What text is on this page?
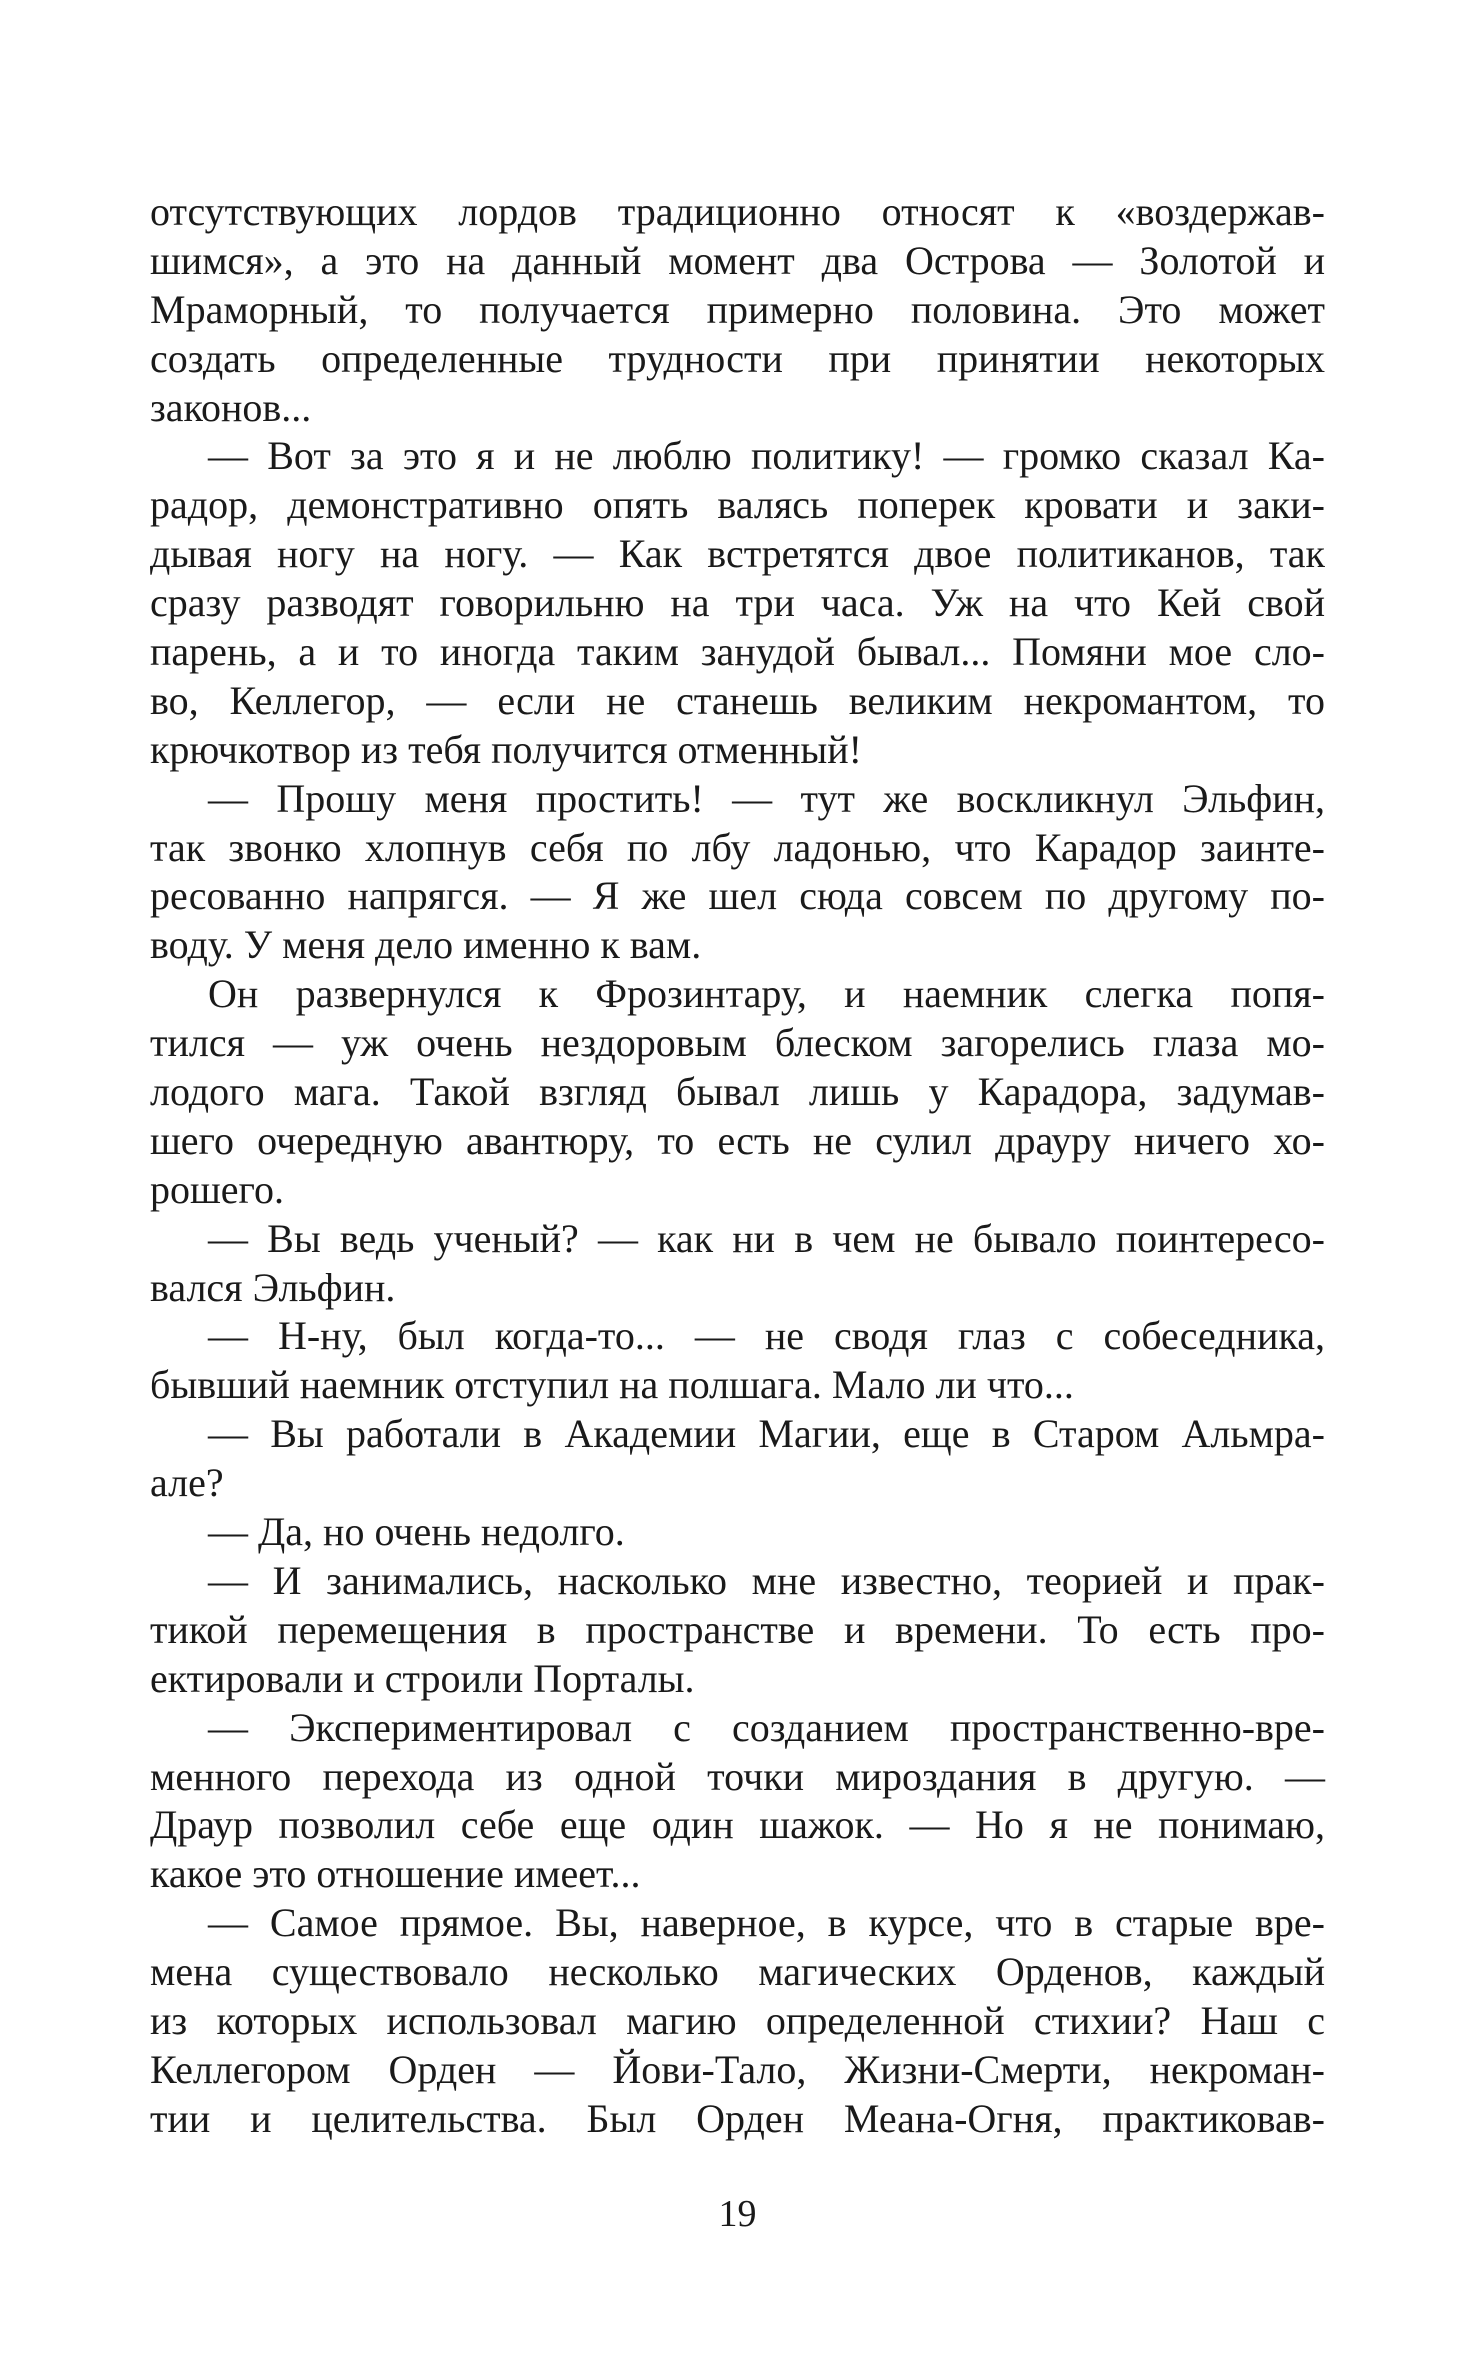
отсутствующих лордов традиционно относят к «воздержав-
шимся», а это на данный момент два Острова — Золотой и
Мраморный, то получается примерно половина. Это может
создать определенные трудности при принятии некоторых
законов...
— Вот за это я и не люблю политику! — громко сказал Ка-
радор, демонстративно опять валясь поперек кровати и заки-
дывая ногу на ногу. — Как встретятся двое политиканов, так
сразу разводят говорильню на три часа. Уж на что Кей свой
парень, а и то иногда таким занудой бывал... Помяни мое сло-
во, Келлегор, — если не станешь великим некромантом, то
крючкотвор из тебя получится отменный!
— Прошу меня простить! — тут же воскликнул Эльфин,
так звонко хлопнув себя по лбу ладонью, что Карадор заинте-
ресованно напрягся. — Я же шел сюда совсем по другому по-
воду. У меня дело именно к вам.
Он развернулся к Фрозинтару, и наемник слегка попя-
тился — уж очень нездоровым блеском загорелись глаза мо-
лодого мага. Такой взгляд бывал лишь у Карадора, задумав-
шего очередную авантюру, то есть не сулил драуру ничего хо-
рошего.
— Вы ведь ученый? — как ни в чем не бывало поинтересо-
вался Эльфин.
— Н-ну, был когда-то... — не сводя глаз с собеседника,
бывший наемник отступил на полшага. Мало ли что...
— Вы работали в Академии Магии, еще в Старом Альмра-
але?
— Да, но очень недолго.
— И занимались, насколько мне известно, теорией и прак-
тикой перемещения в пространстве и времени. То есть про-
ектировали и строили Порталы.
— Экспериментировал с созданием пространственно-вре-
менного перехода из одной точки мироздания в другую. —
Драур позволил себе еще один шажок. — Но я не понимаю,
какое это отношение имеет...
— Самое прямое. Вы, наверное, в курсе, что в старые вре-
мена существовало несколько магических Орденов, каждый
из которых использовал магию определенной стихии? Наш с
Келлегором Орден — Йови-Тало, Жизни-Смерти, некроман-
тии и целительства. Был Орден Меана-Огня, практиковав-
19
